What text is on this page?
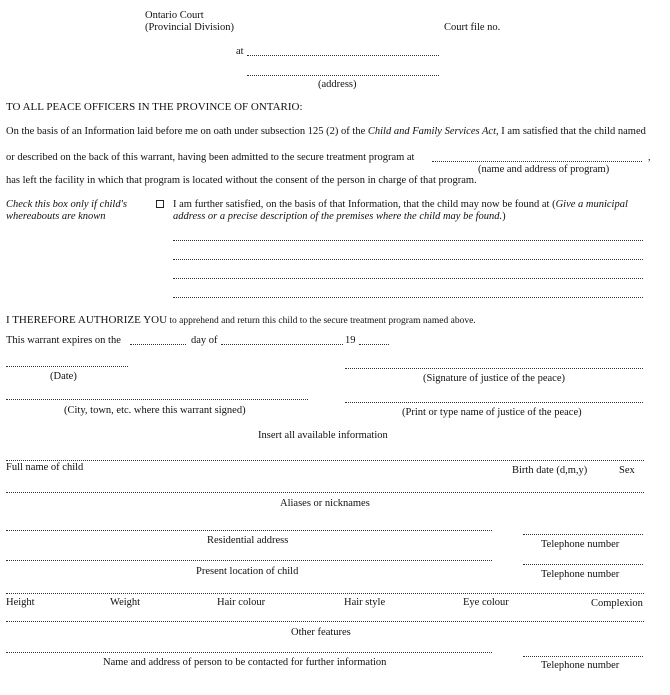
Ontario Court
(Provincial Division)	Court file no.
at
(address)
TO ALL PEACE OFFICERS IN THE PROVINCE OF ONTARIO:
On the basis of an Information laid before me on oath under subsection 125 (2) of the Child and Family Services Act, I am satisfied that the child named
or described on the back of this warrant, having been admitted to the secure treatment program at	,
(name and address of program)
has left the facility in which that program is located without the consent of the person in charge of that program.
Check this box only if child's
whereabouts are known
I am further satisfied, on the basis of that Information, that the child may now be found at (Give a municipal
address or a precise description of the premises where the child may be found.)
I THEREFORE AUTHORIZE YOU to apprehend and return this child to the secure treatment program named above.
This warrant expires on the	day of	19
(Date)	(Signature of justice of the peace)
(City, town, etc. where this warrant signed)	(Print or type name of justice of the peace)
Insert all available information
Full name of child	Birth date (d,m,y)	Sex
Aliases or nicknames
Residential address	Telephone number
Present location of child	Telephone number
Height	Weight	Hair colour	Hair style	Eye colour	Complexion
Other features
Name and address of person to be contacted for further information	Telephone number
